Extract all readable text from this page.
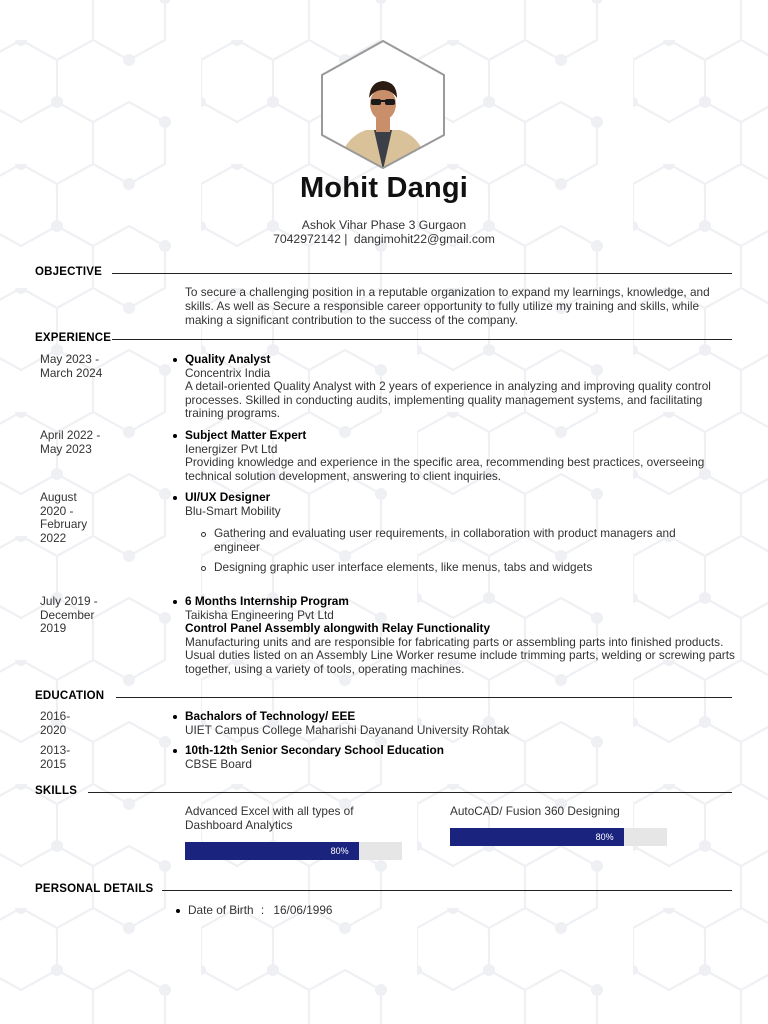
Mohit Dangi
Ashok Vihar Phase 3 Gurgaon
7042972142 | dangimohit22@gmail.com
OBJECTIVE
To secure a challenging position in a reputable organization to expand my learnings, knowledge, and skills. As well as Secure a responsible career opportunity to fully utilize my training and skills, while making a significant contribution to the success of the company.
EXPERIENCE
May 2023 - March 2024
Quality Analyst
Concentrix India
A detail-oriented Quality Analyst with 2 years of experience in analyzing and improving quality control processes. Skilled in conducting audits, implementing quality management systems, and facilitating training programs.
April 2022 - May 2023
Subject Matter Expert
Ienergizer Pvt Ltd
Providing knowledge and experience in the specific area, recommending best practices, overseeing technical solution development, answering to client inquiries.
August 2020 - February 2022
UI/UX Designer
Blu-Smart Mobility
Gathering and evaluating user requirements, in collaboration with product managers and engineer
Designing graphic user interface elements, like menus, tabs and widgets
July 2019 - December 2019
6 Months Internship Program
Taikisha Engineering Pvt Ltd
Control Panel Assembly alongwith Relay Functionality
Manufacturing units and are responsible for fabricating parts or assembling parts into finished products. Usual duties listed on an Assembly Line Worker resume include trimming parts, welding or screwing parts together, using a variety of tools, operating machines.
EDUCATION
2016- 2020
Bachalors of Technology/ EEE
UIET Campus College Maharishi Dayanand University Rohtak
2013- 2015
10th-12th Senior Secondary School Education
CBSE Board
SKILLS
Advanced Excel with all types of Dashboard Analytics
80%
AutoCAD/ Fusion 360 Designing
80%
PERSONAL DETAILS
Date of Birth : 16/06/1996
